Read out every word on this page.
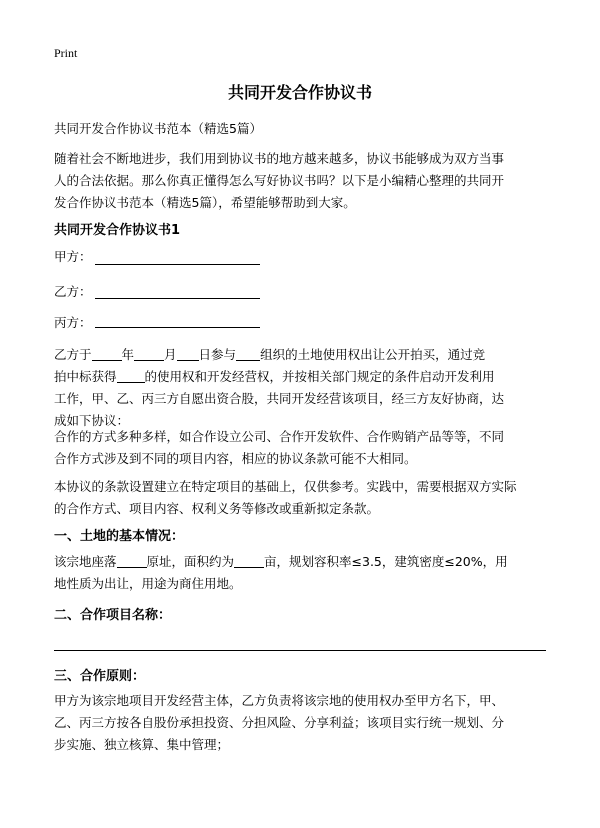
Print
共同开发合作协议书
共同开发合作协议书范本（精选5篇）
随着社会不断地进步，我们用到协议书的地方越来越多，协议书能够成为双方当事
人的合法依据。那么你真正懂得怎么写好协议书吗？以下是小编精心整理的共同开
发合作协议书范本（精选5篇），希望能够帮助到大家。
共同开发合作协议书1
甲方：
乙方：
丙方：
乙方于 年 月 日参与 组织的土地使用权出让公开拍买，通过竞
拍中标获得 的使用权和开发经营权，并按相关部门规定的条件启动开发利用
工作，甲、乙、丙三方自愿出资合股，共同开发经营该项目，经三方友好协商，达
成如下协议：
合作的方式多种多样，如合作设立公司、合作开发软件、合作购销产品等等，不同
合作方式涉及到不同的项目内容，相应的协议条款可能不大相同。
本协议的条款设置建立在特定项目的基础上，仅供参考。实践中，需要根据双方实际
的合作方式、项目内容、权利义务等修改或重新拟定条款。
一、土地的基本情况：
该宗地座落 原址，面积约为 亩，规划容积率≤3.5，建筑密度≤20%，用
地性质为出让，用途为商住用地。
二、合作项目名称：
三、合作原则：
甲方为该宗地项目开发经营主体，乙方负责将该宗地的使用权办至甲方名下，甲、
乙、丙三方按各自股份承担投资、分担风险、分享利益；该项目实行统一规划、分
步实施、独立核算、集中管理；
